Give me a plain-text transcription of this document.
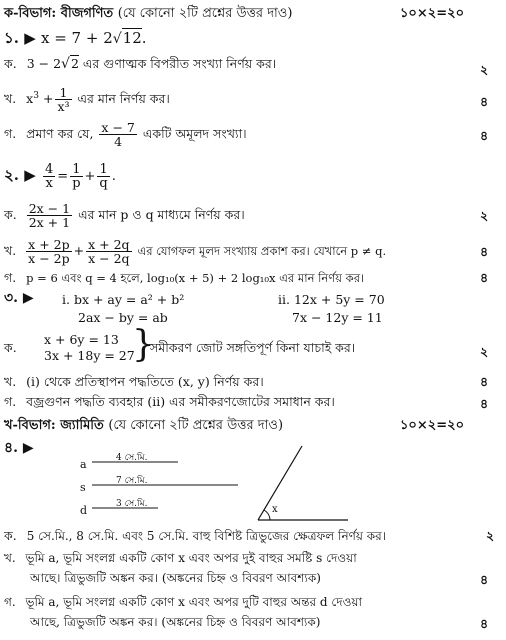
ক-বিভাগ: বীজগণিত (যে কোনো ২টি প্রশ্নের উত্তর দাও)	১০×২=২০
১. ▶ x = 7 + 2√12.
ক. 3 − 2√2 এর গুণাত্মক বিপরীত সংখ্যা নির্ণয় কর।	২
খ. $x^3 + \frac{1}{\text{x³}}$ এর মান নির্ণয় কর।	৪
গ. প্রমাণ কর যে, $\frac{x - 7}{4}$ একটি অমূলদ সংখ্যা।	৪
২. ▶ $\frac{4}{x} = \frac{1}{p} + \frac{1}{q}$ .
ক. $\frac{2x - 1}{2x + 1}$ এর মান p ও q মাধ্যমে নির্ণয় কর।	২
খ. $\frac{x + 2p}{x - 2p} + \frac{x + 2q}{x - 2q}$ এর যোগফল মূলদ সংখ্যায় প্রকাশ কর। যেখানে p ≠ q.	৪
গ. p = 6 এবং q = 4 হলে, log₁₀(x + 5) + 2 log₁₀x এর মান নির্ণয় কর।	৪
৩. ▶ i. bx + ay = a² + b²
2ax − by = ab
ii. 12x + 5y = 70
7x − 12y = 11
ক.
x + 6y = 13
3x + 18y = 27
}
সমীকরণ জোট সঙ্গতিপূর্ণ কিনা যাচাই কর।	২
খ. (i) থেকে প্রতিস্থাপন পদ্ধতিতে (x, y) নির্ণয় কর।	৪
গ. বজ্রগুণন পদ্ধতি ব্যবহার (ii) এর সমীকরণজোটের সমাধান কর।	৪
খ-বিভাগ: জ্যামিতি (যে কোনো ২টি প্রশ্নের উত্তর দাও)	১০×২=২০
৪. ▶
4 সে.মি.
7 সে.মি.
3 সে.মি.
a
s
d	x
ক. 5 সে.মি., 8 সে.মি. এবং 5 সে.মি. বাহু বিশিষ্ট ত্রিভুজের ক্ষেত্রফল নির্ণয় কর।	২
খ. ভূমি a, ভূমি সংলগ্ন একটি কোণ x এবং অপর দুই বাহুর সমষ্টি s দেওয়া
আছে। ত্রিভুজটি অঙ্কন কর। (অঙ্কনের চিহ্ন ও বিবরণ আবশ্যক)	৪
গ. ভূমি a, ভূমি সংলগ্ন একটি কোণ x এবং অপর দুটি বাহুর অন্তর d দেওয়া
আছে, ত্রিভুজটি অঙ্কন কর। (অঙ্কনের চিহ্ন ও বিবরণ আবশ্যক)	৪
